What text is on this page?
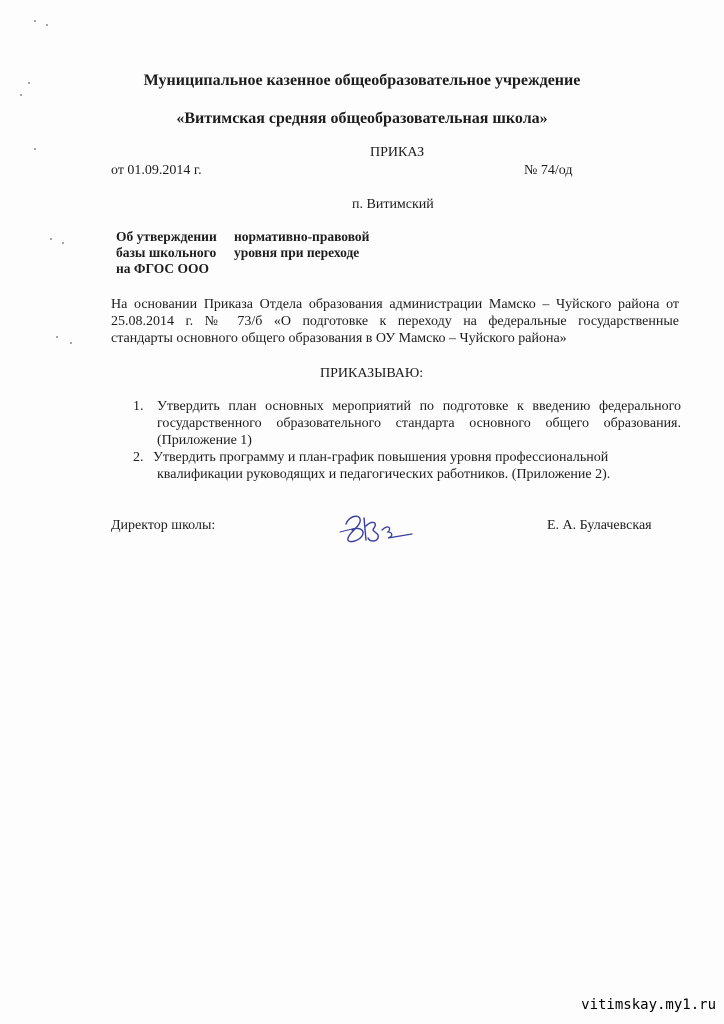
Муниципальное казенное общеобразовательное учреждение
«Витимская средняя общеобразовательная школа»
ПРИКАЗ
от 01.09.2014 г.	№ 74/од
п. Витимский
Об утверждении	нормативно-правовой
базы школьного	уровня при переходе
на ФГОС ООО
На основании Приказа Отдела образования администрации Мамско – Чуйского района от
25.08.2014 г. № 73/б «О подготовке к переходу на федеральные государственные
стандарты основного общего образования в ОУ Мамско – Чуйского района»
ПРИКАЗЫВАЮ:
1. Утвердить план основных мероприятий по подготовке к введению федерального
государственного образовательного стандарта основного общего образования.
(Приложение 1)
2. Утвердить программу и план-график повышения уровня профессиональной
квалификации руководящих и педагогических работников. (Приложение 2).
Директор школы:	Е. А. Булачевская
vitimskay.my1.ru
